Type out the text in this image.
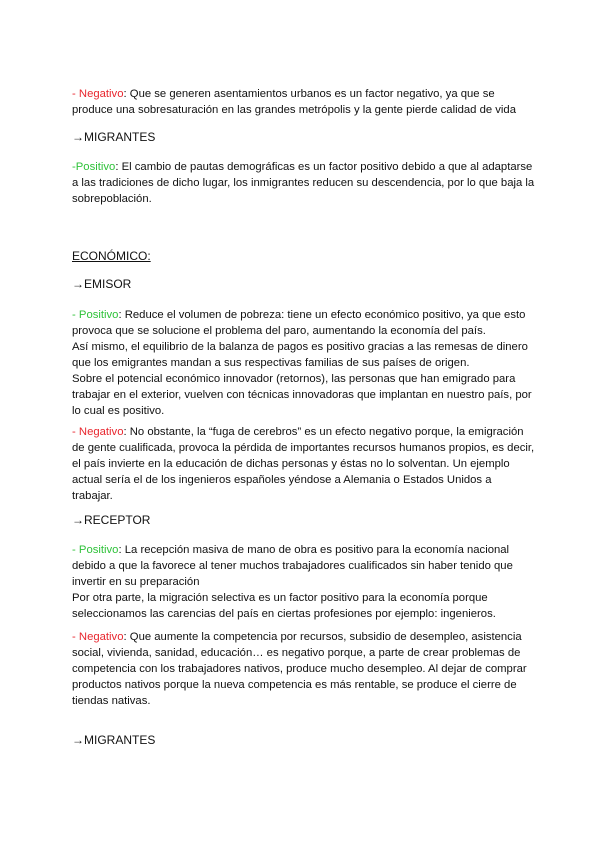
- Negativo: Que se generen asentamientos urbanos es un factor negativo, ya que se
produce una sobresaturación en las grandes metrópolis y la gente pierde calidad de vida
→MIGRANTES
-Positivo: El cambio de pautas demográficas es un factor positivo debido a que al adaptarse
a las tradiciones de dicho lugar, los inmigrantes reducen su descendencia, por lo que baja la
sobrepoblación.
ECONÓMICO:
→EMISOR
- Positivo: Reduce el volumen de pobreza: tiene un efecto económico positivo, ya que esto
provoca que se solucione el problema del paro, aumentando la economía del país.
Así mismo, el equilibrio de la balanza de pagos es positivo gracias a las remesas de dinero
que los emigrantes mandan a sus respectivas familias de sus países de origen.
Sobre el potencial económico innovador (retornos), las personas que han emigrado para
trabajar en el exterior, vuelven con técnicas innovadoras que implantan en nuestro país, por
lo cual es positivo.
- Negativo: No obstante, la “fuga de cerebros” es un efecto negativo porque, la emigración
de gente cualificada, provoca la pérdida de importantes recursos humanos propios, es decir,
el país invierte en la educación de dichas personas y éstas no lo solventan. Un ejemplo
actual sería el de los ingenieros españoles yéndose a Alemania o Estados Unidos a
trabajar.
→RECEPTOR
- Positivo: La recepción masiva de mano de obra es positivo para la economía nacional
debido a que la favorece al tener muchos trabajadores cualificados sin haber tenido que
invertir en su preparación
Por otra parte, la migración selectiva es un factor positivo para la economía porque
seleccionamos las carencias del país en ciertas profesiones por ejemplo: ingenieros.
- Negativo: Que aumente la competencia por recursos, subsidio de desempleo, asistencia
social, vivienda, sanidad, educación… es negativo porque, a parte de crear problemas de
competencia con los trabajadores nativos, produce mucho desempleo. Al dejar de comprar
productos nativos porque la nueva competencia es más rentable, se produce el cierre de
tiendas nativas.
→MIGRANTES
